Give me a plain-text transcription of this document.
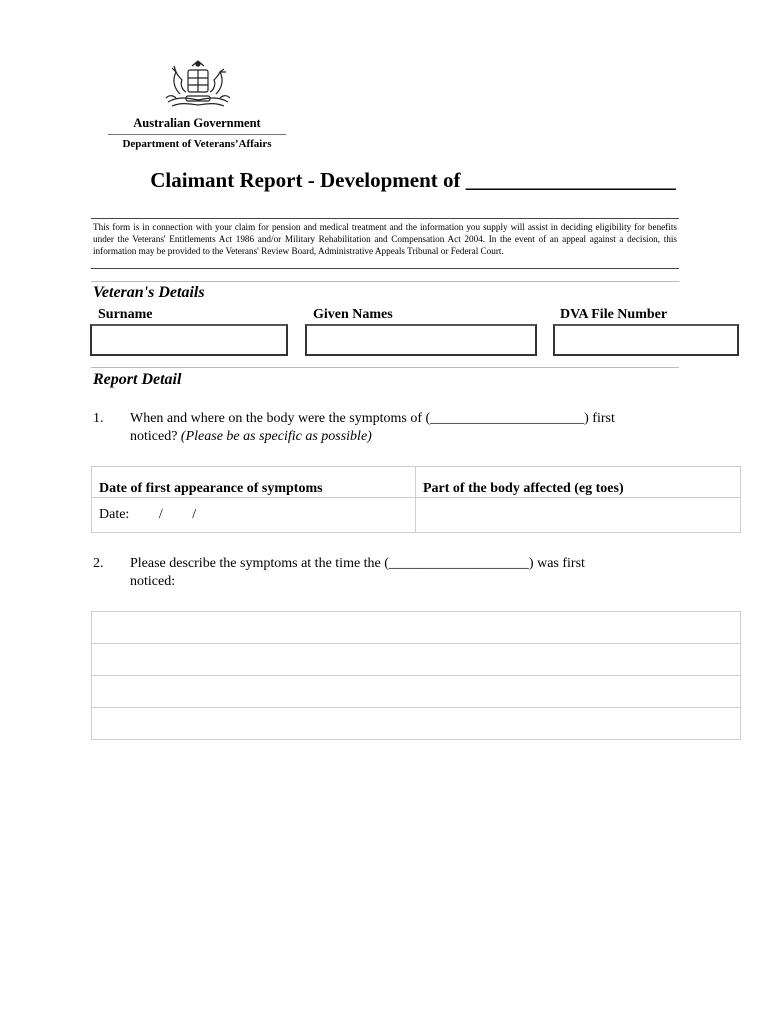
Australian Government
Department of Veterans’Affairs
Claimant Report - Development of ____________________
This form is in connection with your claim for pension and medical treatment and the information you supply will assist in deciding eligibility for benefits under the Veterans' Entitlements Act 1986 and/or Military Rehabilitation and Compensation Act 2004. In the event of an appeal against a decision, this information may be provided to the Veterans' Review Board, Administrative Appeals Tribunal or Federal Court.
Veteran's Details
Surname	Given Names	DVA File Number
Report Detail
1. When and where on the body were the symptoms of (______________________) first
noticed? (Please be as specific as possible)
Date of first appearance of symptoms	Part of the body affected (eg toes)
Date: / /	
2. Please describe the symptoms at the time the (____________________) was first
noticed:
